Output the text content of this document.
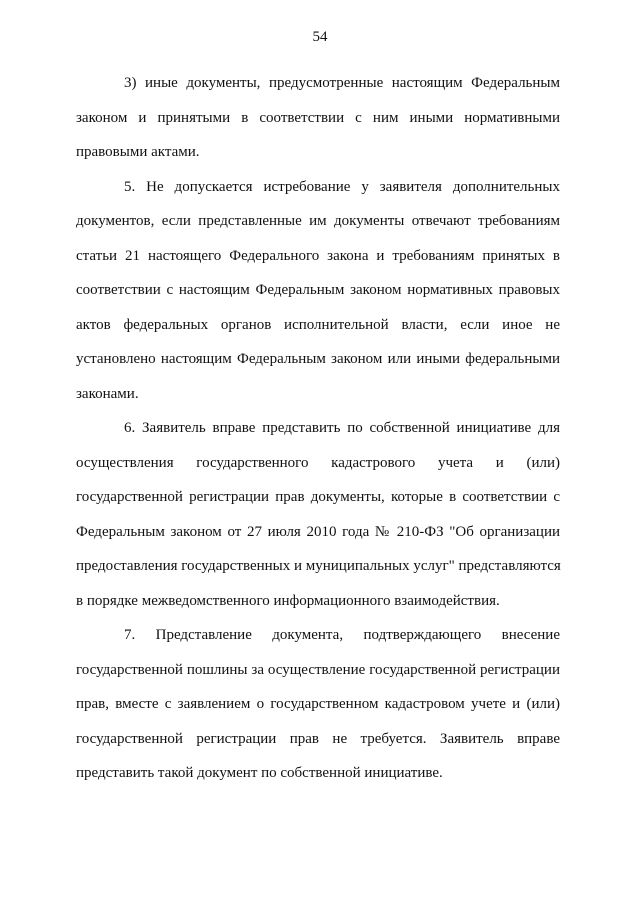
54
3) иные документы, предусмотренные настоящим Федеральным
законом и принятыми в соответствии с ним иными нормативными
правовыми актами.
5. Не допускается истребование у заявителя дополнительных
документов, если представленные им документы отвечают требованиям
статьи 21 настоящего Федерального закона и требованиям принятых в
соответствии с настоящим Федеральным законом нормативных правовых
актов федеральных органов исполнительной власти, если иное не
установлено настоящим Федеральным законом или иными федеральными
законами.
6. Заявитель вправе представить по собственной инициативе для
осуществления государственного кадастрового учета и (или)
государственной регистрации прав документы, которые в соответствии с
Федеральным законом от 27 июля 2010 года № 210-ФЗ "Об организации
предоставления государственных и муниципальных услуг" представляются
в порядке межведомственного информационного взаимодействия.
7. Представление документа, подтверждающего внесение
государственной пошлины за осуществление государственной регистрации
прав, вместе с заявлением о государственном кадастровом учете и (или)
государственной регистрации прав не требуется. Заявитель вправе
представить такой документ по собственной инициативе.
